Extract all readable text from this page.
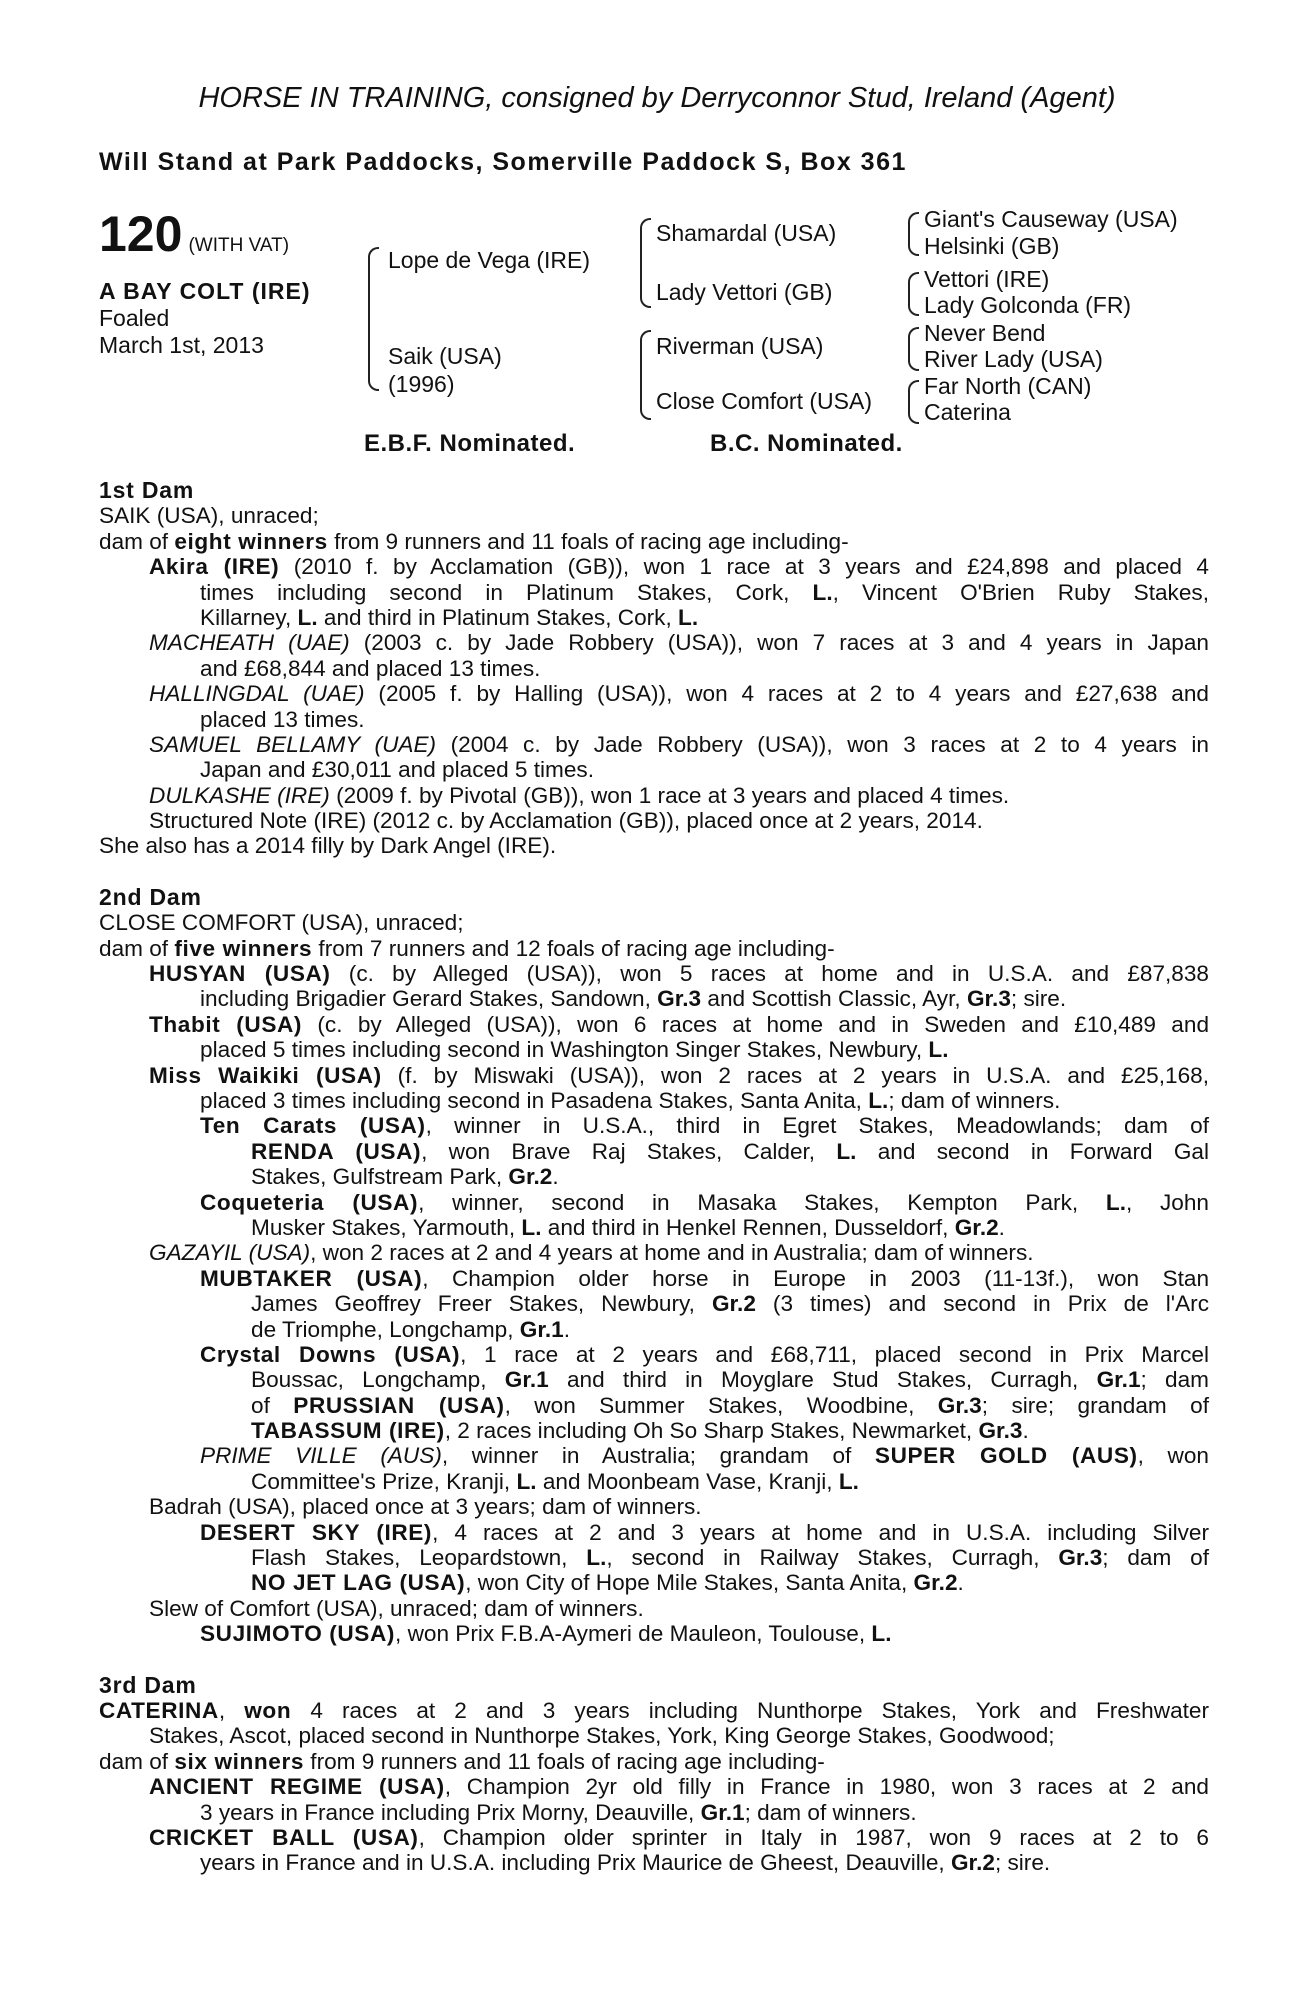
HORSE IN TRAINING, consigned by Derryconnor Stud, Ireland (Agent)
Will Stand at Park Paddocks, Somerville Paddock S, Box 361
120 (WITH VAT)
A BAY COLT (IRE)
Foaled
March 1st, 2013
Lope de Vega (IRE)
Saik (USA)
(1996)
Shamardal (USA)
Lady Vettori (GB)
Riverman (USA)
Close Comfort (USA)
Giant's Causeway (USA)
Helsinki (GB)
Vettori (IRE)
Lady Golconda (FR)
Never Bend
River Lady (USA)
Far North (CAN)
Caterina
E.B.F. Nominated.	B.C. Nominated.
1st Dam
SAIK (USA), unraced;
dam of eight winners from 9 runners and 11 foals of racing age including-
Akira (IRE) (2010 f. by Acclamation (GB)), won 1 race at 3 years and £24,898 and placed 4
times including second in Platinum Stakes, Cork, L., Vincent O'Brien Ruby Stakes,
Killarney, L. and third in Platinum Stakes, Cork, L.
MACHEATH (UAE) (2003 c. by Jade Robbery (USA)), won 7 races at 3 and 4 years in Japan
and £68,844 and placed 13 times.
HALLINGDAL (UAE) (2005 f. by Halling (USA)), won 4 races at 2 to 4 years and £27,638 and
placed 13 times.
SAMUEL BELLAMY (UAE) (2004 c. by Jade Robbery (USA)), won 3 races at 2 to 4 years in
Japan and £30,011 and placed 5 times.
DULKASHE (IRE) (2009 f. by Pivotal (GB)), won 1 race at 3 years and placed 4 times.
Structured Note (IRE) (2012 c. by Acclamation (GB)), placed once at 2 years, 2014.
She also has a 2014 filly by Dark Angel (IRE).
2nd Dam
CLOSE COMFORT (USA), unraced;
dam of five winners from 7 runners and 12 foals of racing age including-
HUSYAN (USA) (c. by Alleged (USA)), won 5 races at home and in U.S.A. and £87,838
including Brigadier Gerard Stakes, Sandown, Gr.3 and Scottish Classic, Ayr, Gr.3; sire.
Thabit (USA) (c. by Alleged (USA)), won 6 races at home and in Sweden and £10,489 and
placed 5 times including second in Washington Singer Stakes, Newbury, L.
Miss Waikiki (USA) (f. by Miswaki (USA)), won 2 races at 2 years in U.S.A. and £25,168,
placed 3 times including second in Pasadena Stakes, Santa Anita, L.; dam of winners.
Ten Carats (USA), winner in U.S.A., third in Egret Stakes, Meadowlands; dam of
RENDA (USA), won Brave Raj Stakes, Calder, L. and second in Forward Gal
Stakes, Gulfstream Park, Gr.2.
Coqueteria (USA), winner, second in Masaka Stakes, Kempton Park, L., John
Musker Stakes, Yarmouth, L. and third in Henkel Rennen, Dusseldorf, Gr.2.
GAZAYIL (USA), won 2 races at 2 and 4 years at home and in Australia; dam of winners.
MUBTAKER (USA), Champion older horse in Europe in 2003 (11-13f.), won Stan
James Geoffrey Freer Stakes, Newbury, Gr.2 (3 times) and second in Prix de l'Arc
de Triomphe, Longchamp, Gr.1.
Crystal Downs (USA), 1 race at 2 years and £68,711, placed second in Prix Marcel
Boussac, Longchamp, Gr.1 and third in Moyglare Stud Stakes, Curragh, Gr.1; dam
of PRUSSIAN (USA), won Summer Stakes, Woodbine, Gr.3; sire; grandam of
TABASSUM (IRE), 2 races including Oh So Sharp Stakes, Newmarket, Gr.3.
PRIME VILLE (AUS), winner in Australia; grandam of SUPER GOLD (AUS), won
Committee's Prize, Kranji, L. and Moonbeam Vase, Kranji, L.
Badrah (USA), placed once at 3 years; dam of winners.
DESERT SKY (IRE), 4 races at 2 and 3 years at home and in U.S.A. including Silver
Flash Stakes, Leopardstown, L., second in Railway Stakes, Curragh, Gr.3; dam of
NO JET LAG (USA), won City of Hope Mile Stakes, Santa Anita, Gr.2.
Slew of Comfort (USA), unraced; dam of winners.
SUJIMOTO (USA), won Prix F.B.A-Aymeri de Mauleon, Toulouse, L.
3rd Dam
CATERINA, won 4 races at 2 and 3 years including Nunthorpe Stakes, York and Freshwater
Stakes, Ascot, placed second in Nunthorpe Stakes, York, King George Stakes, Goodwood;
dam of six winners from 9 runners and 11 foals of racing age including-
ANCIENT REGIME (USA), Champion 2yr old filly in France in 1980, won 3 races at 2 and
3 years in France including Prix Morny, Deauville, Gr.1; dam of winners.
CRICKET BALL (USA), Champion older sprinter in Italy in 1987, won 9 races at 2 to 6
years in France and in U.S.A. including Prix Maurice de Gheest, Deauville, Gr.2; sire.
